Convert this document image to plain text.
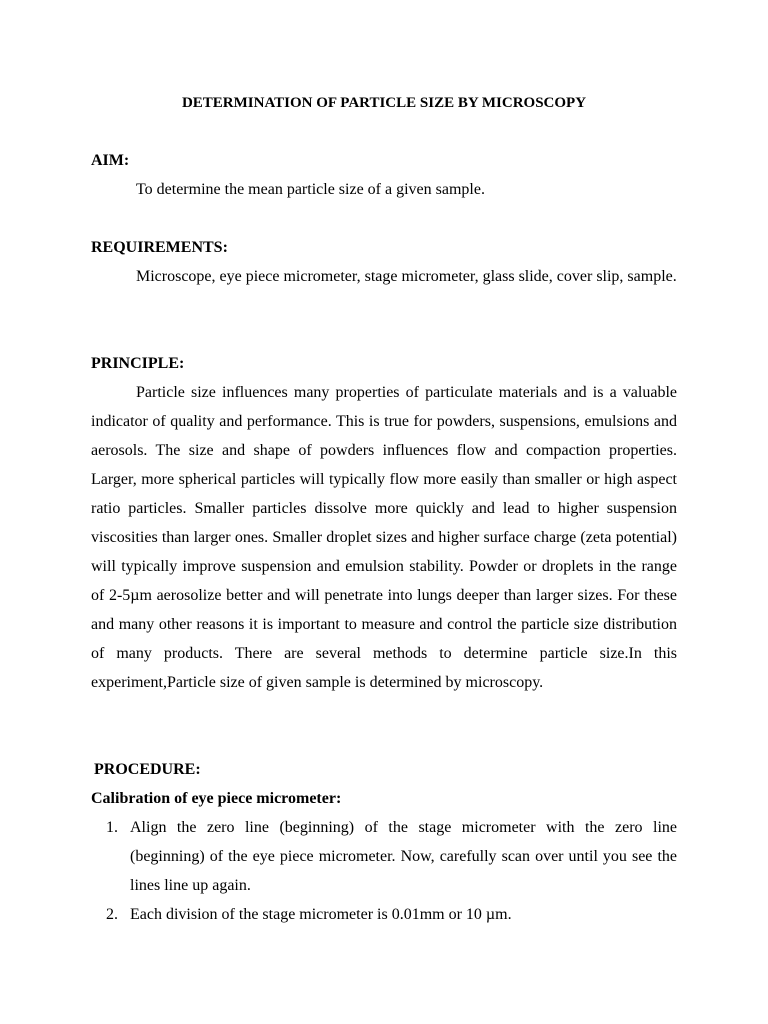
DETERMINATION OF PARTICLE SIZE BY MICROSCOPY
AIM:

To determine the mean particle size of a given sample.

REQUIREMENTS:

Microscope, eye piece micrometer, stage micrometer, glass slide, cover slip, sample.

PRINCIPLE:

Particle size influences many properties of particulate materials and is a valuable indicator of quality and performance. This is true for powders, suspensions, emulsions and aerosols. The size and shape of powders influences flow and compaction properties. Larger, more spherical particles will typically flow more easily than smaller or high aspect ratio particles. Smaller particles dissolve more quickly and lead to higher suspension viscosities than larger ones. Smaller droplet sizes and higher surface charge (zeta potential) will typically improve suspension and emulsion stability. Powder or droplets in the range of 2-5µm aerosolize better and will penetrate into lungs deeper than larger sizes. For these and many other reasons it is important to measure and control the particle size distribution of many products. There are several methods to determine particle size.In this experiment,Particle size of given sample is determined by microscopy.

PROCEDURE:
Calibration of eye piece micrometer:
1. Align the zero line (beginning) of the stage micrometer with the zero line (beginning) of the eye piece micrometer. Now, carefully scan over until you see the lines line up again.
2. Each division of the stage micrometer is 0.01mm or 10 µm.
